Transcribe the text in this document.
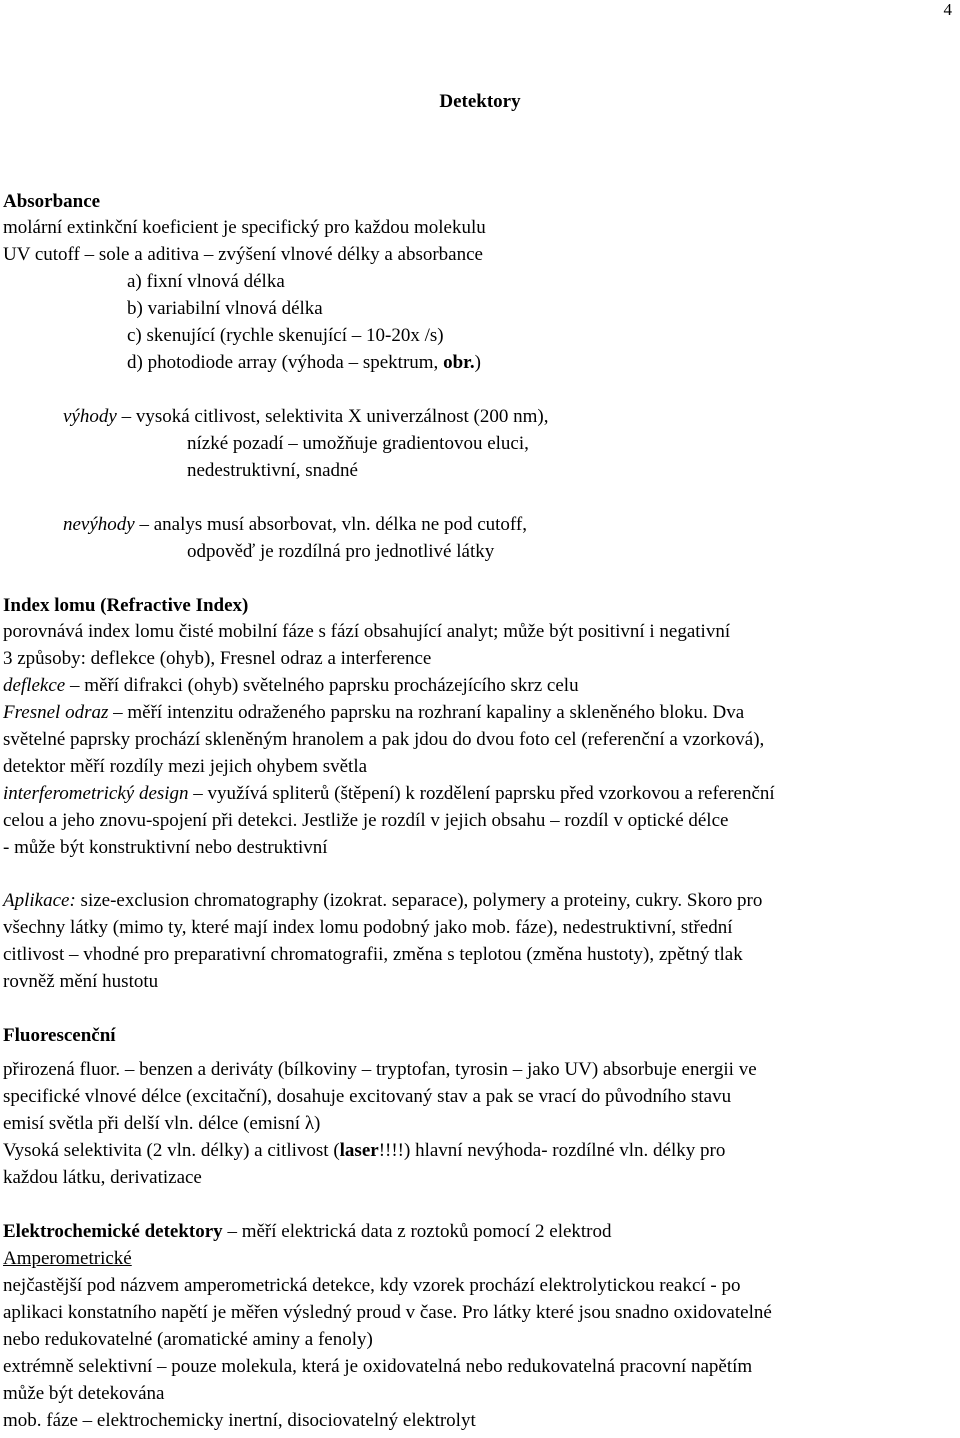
4
Detektory
Absorbance
molární extinkční koeficient je specifický pro každou molekulu
UV cutoff – sole a aditiva – zvýšení vlnové délky a absorbance
a) fixní vlnová délka
b) variabilní vlnová délka
c) skenující (rychle skenující – 10-20x /s)
d) photodiode array (výhoda – spektrum, obr.)
výhody – vysoká citlivost, selektivita X univerzálnost (200 nm),
nízké pozadí – umožňuje gradientovou eluci,
nedestruktivní, snadné
nevýhody – analys musí absorbovat, vln. délka ne pod cutoff,
odpověď je rozdílná pro jednotlivé látky
Index lomu (Refractive Index)
porovnává index lomu čisté mobilní fáze s fází obsahující analyt; může být positivní i negativní
3 způsoby: deflekce (ohyb), Fresnel odraz a interference
deflekce – měří difrakci (ohyb) světelného paprsku procházejícího skrz celu
Fresnel odraz – měří intenzitu odraženého paprsku na rozhraní kapaliny a skleněného bloku. Dva
světelné paprsky prochází skleněným hranolem a pak jdou do dvou foto cel (referenční a vzorková),
detektor měří rozdíly mezi jejich ohybem světla
interferometrický design – využívá spliterů (štěpení) k rozdělení paprsku před vzorkovou a referenční
celou a jeho znovu-spojení při detekci. Jestliže je rozdíl v jejich obsahu – rozdíl v optické délce
- může být konstruktivní nebo destruktivní
Aplikace: size-exclusion chromatography (izokrat. separace), polymery a proteiny, cukry. Skoro pro
všechny látky (mimo ty, které mají index lomu podobný jako mob. fáze), nedestruktivní, střední
citlivost – vhodné pro preparativní chromatografii, změna s teplotou (změna hustoty), zpětný tlak
rovněž mění hustotu
Fluorescenční
přirozená fluor. – benzen a deriváty (bílkoviny – tryptofan, tyrosin – jako UV) absorbuje energii ve
specifické vlnové délce (excitační), dosahuje excitovaný stav a pak se vrací do původního stavu
emisí světla při delší vln. délce (emisní λ)
Vysoká selektivita (2 vln. délky) a citlivost (laser!!!!) hlavní nevýhoda- rozdílné vln. délky pro
každou látku, derivatizace
Elektrochemické detektory – měří elektrická data z roztoků pomocí 2 elektrod
Amperometrické
nejčastější pod názvem amperometrická detekce, kdy vzorek prochází elektrolytickou reakcí - po
aplikaci konstatního napětí je měřen výsledný proud v čase. Pro látky které jsou snadno oxidovatelné
nebo redukovatelné (aromatické aminy a fenoly)
extrémně selektivní – pouze molekula, která je oxidovatelná nebo redukovatelná pracovní napětím
může být detekována
mob. fáze – elektrochemicky inertní, disociovatelný elektrolyt
